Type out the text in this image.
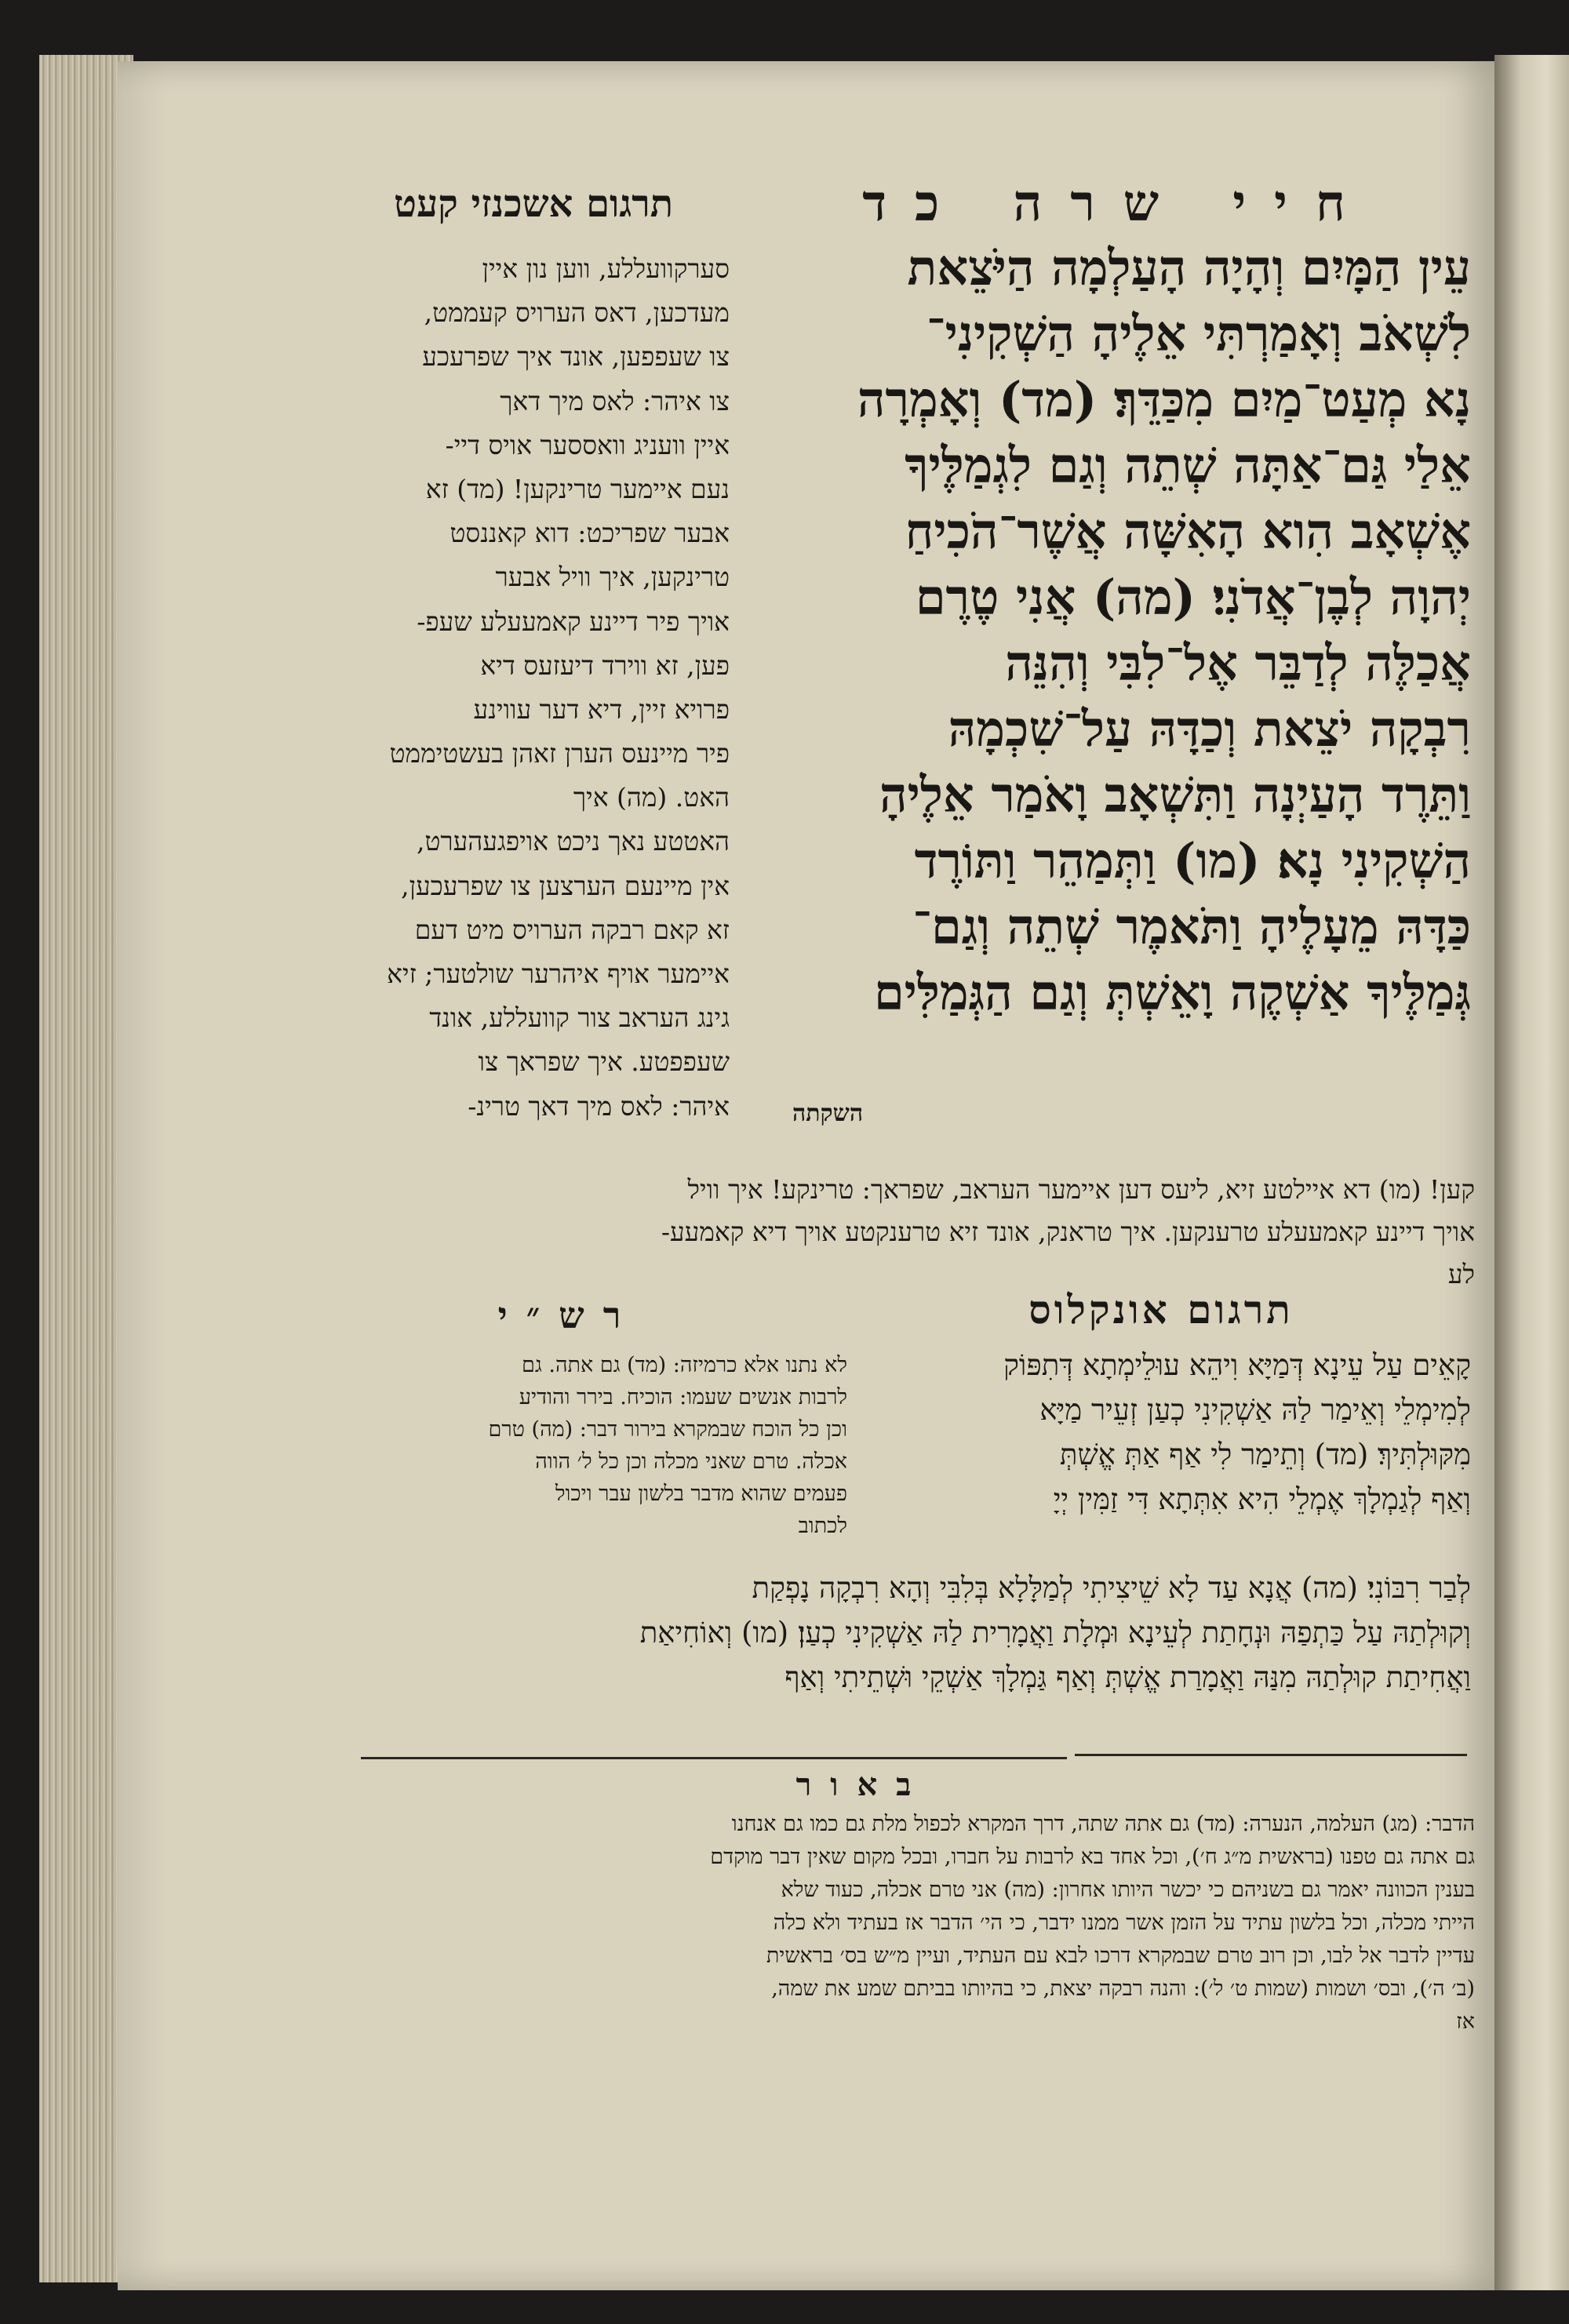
חיי שרה כד
תרגום אשכנזי קעט
עֵין הַמָּיִם וְהָיָה הָעַלְמָה הַיֹּצֵאת
לִשְׁאֹב וְאָמַרְתִּי אֵלֶיהָ הַשְׁקִינִי־
נָא מְעַט־מַיִם מִכַּדֵּךְ׃ (מד) וְאָמְרָה
אֵלַי גַּם־אַתָּה שְׁתֵה וְגַם לִגְמַלֶּיךָ
אֶשְׁאָב הִוא הָאִשָּׁה אֲשֶׁר־הֹכִיחַ
יְהוָה לְבֶן־אֲדֹנִי׃ (מה) אֲנִי טֶרֶם
אֲכַלֶּה לְדַבֵּר אֶל־לִבִּי וְהִנֵּה
רִבְקָה יֹצֵאת וְכַדָּהּ עַל־שִׁכְמָהּ
וַתֵּרֶד הָעַיְנָה וַתִּשְׁאָב וָאֹמַר אֵלֶיהָ
הַשְׁקִינִי נָא׃ (מו) וַתְּמַהֵר וַתּוֹרֶד
כַּדָּהּ מֵעָלֶיהָ וַתֹּאמֶר שְׁתֵה וְגַם־
גְּמַלֶּיךָ אַשְׁקֶה וָאֵשְׁתְּ וְגַם הַגְּמַלִּים
השקתה
סערקוועללע, ווען נון איין
מעדכען, דאס הערויס קעממט,
צו שעפפען, אונד איך שפרעכע
צו איהר: לאס מיך דאך
איין וועניג וואססער אויס דיי-
נעם איימער טרינקען! (מד) זא
אבער שפריכט: דוא קאננסט
טרינקען, איך וויל אבער
אויך פיר דיינע קאמעעלע שעפ-
פען, זא ווירד דיעזעס דיא
פרויא זיין, דיא דער עווינע
פיר מיינעס הערן זאהן בעשטיממט
האט. (מה) איך
האטטע נאך ניכט אויפגעהערט,
אין מיינעם הערצען צו שפרעכען,
זא קאם רבקה הערויס מיט דעם
איימער אויף איהרער שולטער; זיא
גינג העראב צור קוועללע, אונד
שעפפטע. איך שפראך צו
איהר: לאס מיך דאך טרינ-
קען! (מו) דא איילטע זיא, ליעס דען איימער העראב, שפראך: טרינקע! איך וויל
אויך דיינע קאמעעלע טרענקען. איך טראנק, אונד זיא טרענקטע אויך דיא קאמעע-
לע
תרגום אונקלוס
רש״י
קָאֵים עַל עֵינָא דְּמַיָּא וִיהֵא עוּלֵימְתָא דְּתִפּוֹק
לְמִימְלֵי וְאֵימַר לַהּ אַשְׁקִינִי כְעַן זְעֵיר מַיָּא
מִקּוּלְתִּיךְ׃ (מד) וְתֵימַר לִי אַף אַתְּ אֱשְׁתְּ
וְאַף לְגַמְלָךְ אֶמְלֵי הִיא אִתְּתָא דִּי זַמִּין יְיָ
לא נתנו אלא כרמיזה: (מד) גם אתה. גם
לרבות אנשים שעמו: הוכיח. בירר והודיע
וכן כל הוכח שבמקרא בירור דבר: (מה) טרם
אכלה. טרם שאני מכלה וכן כל ל׳ הווה
פעמים שהוא מדבר בלשון עבר ויכול
לכתוב
לְבַר רִבּוֹנִי׃ (מה) אֲנָא עַד לָא שֵׁיצִיתִי לְמַלָּלָא בְּלִבִּי וְהָא רִבְקָה נָפְקַת
וְקוּלְתַהּ עַל כַּתְפַהּ וּנְחָתַת לְעֵינָא וּמְלָת וַאֲמָרִית לַהּ אַשְׁקִינִי כְעַן׃ (מו) וְאוֹחִיאַת
וַאֲחִיתַת קוּלְתַהּ מִנַּהּ וַאֲמָרַת אֱשְׁתְּ וְאַף גַּמְלָךְ אַשְׁקֵי וּשְׁתֵיתִי וְאַף
באור
הדבר: (מג) העלמה, הנערה: (מד) גם אתה שתה, דרך המקרא לכפול מלת גם כמו גם אנחנו
גם אתה גם טפנו (בראשית מ״ג ח׳), וכל אחד בא לרבות על חברו, ובכל מקום שאין דבר מוקדם
בענין הכוונה יאמר גם בשניהם כי יכשר היותו אחרון: (מה) אני טרם אכלה, כעוד שלא
הייתי מכלה, וכל בלשון עתיד על הזמן אשר ממנו ידבר, כי הי׳ הדבר אז בעתיד ולא כלה
עדיין לדבר אל לבו, וכן רוב טרם שבמקרא דרכו לבא עם העתיד, ועיין מ״ש בס׳ בראשית
(ב׳ ה׳), ובס׳ ושמות (שמות ט׳ ל׳): והנה רבקה יצאת, כי בהיותו בביתם שמע את שמה,
אז
